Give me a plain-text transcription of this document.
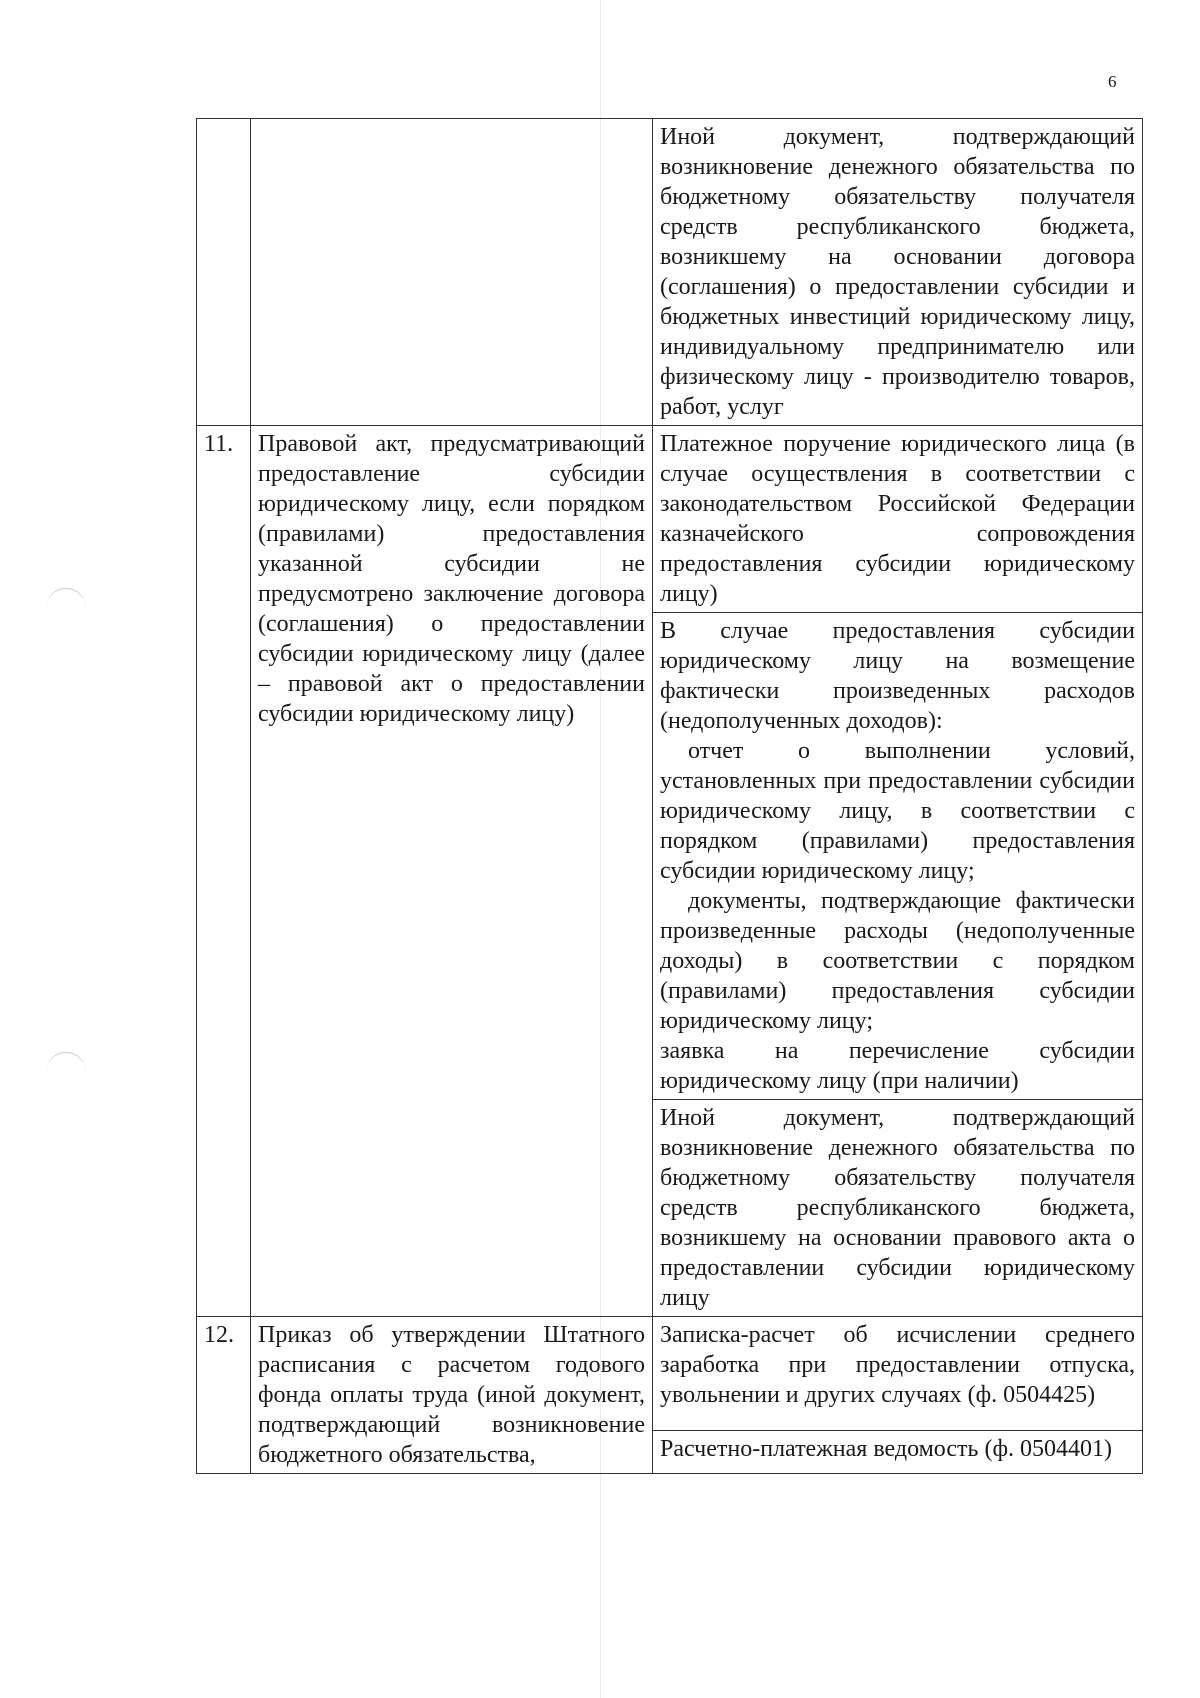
6
		Иной документ, подтверждающий возникновение денежного обязательства по бюджетному обязательству получателя средств республиканского бюджета, возникшему на основании договора (соглашения) о предоставлении субсидии и бюджетных инвестиций юридическому лицу, индивидуальному предпринимателю или физическому лицу - производителю товаров, работ, услуг
11.	Правовой акт, предусматривающий предоставление субсидии юридическому лицу, если порядком (правилами) предоставления указанной субсидии не предусмотрено заключение договора (соглашения) о предоставлении субсидии юридическому лицу (далее – правовой акт о предоставлении субсидии юридическому лицу)	Платежное поручение юридического лица (в случае осуществления в соответствии с законодательством Российской Федерации казначейского сопровождения предоставления субсидии юридическому лицу)

		В случае предоставления субсидии юридическому лицу на возмещение фактически произведенных расходов (недополученных доходов):
отчет о выполнении условий, установленных при предоставлении субсидии юридическому лицу, в соответствии с порядком (правилами) предоставления субсидии юридическому лицу;
документы, подтверждающие фактически произведенные расходы (недополученные доходы) в соответствии с порядком (правилами) предоставления субсидии юридическому лицу;
заявка на перечисление субсидии юридическому лицу (при наличии)

		Иной документ, подтверждающий возникновение денежного обязательства по бюджетному обязательству получателя средств республиканского бюджета, возникшему на основании правового акта о предоставлении субсидии юридическому лицу
12.	Приказ об утверждении Штатного расписания с расчетом годового фонда оплаты труда (иной документ, подтверждающий возникновение бюджетного обязательства,	Записка-расчет об исчислении среднего заработка при предоставлении отпуска, увольнении и других случаях (ф. 0504425)
		Расчетно-платежная ведомость (ф. 0504401)
